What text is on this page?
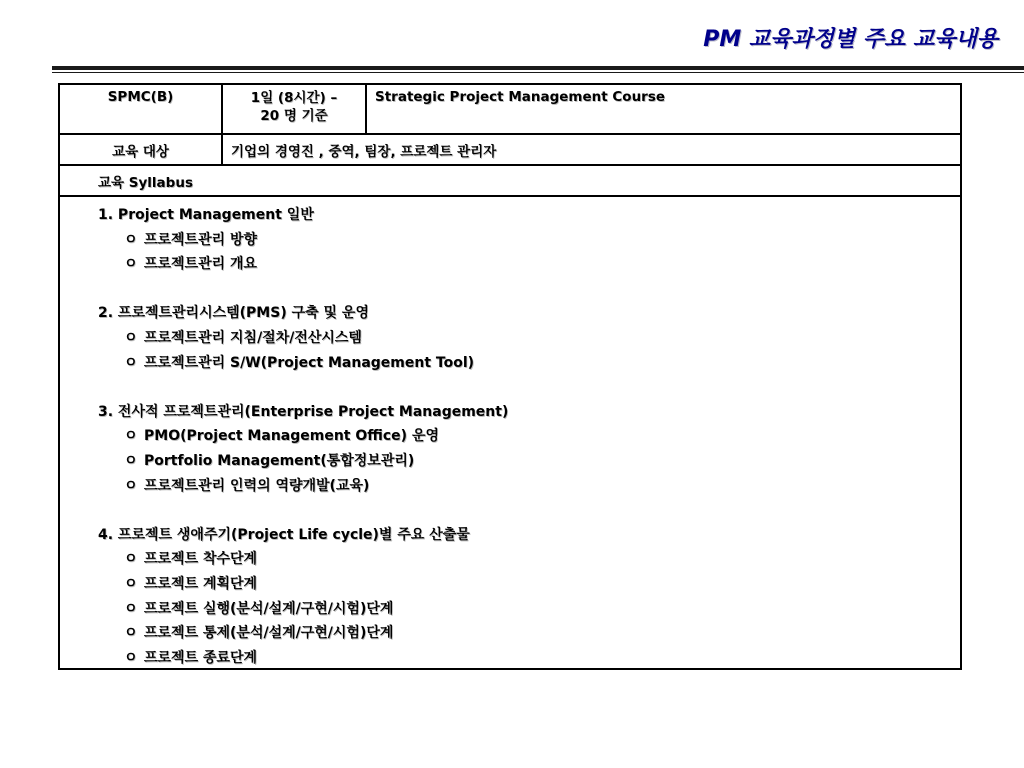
PM 교육과정별 주요 교육내용
SPMC(B)	1일 (8시간) –
20 명 기준
Strategic Project Management Course
교육 대상	기업의 경영진 , 중역, 팀장, 프로젝트 관리자
교육 Syllabus
1. Project Management 일반
ㅇ 프로젝트관리 방향
ㅇ 프로젝트관리 개요
2. 프로젝트관리시스템(PMS) 구축 및 운영
ㅇ 프로젝트관리 지침/절차/전산시스템
ㅇ 프로젝트관리 S/W(Project Management Tool)
3. 전사적 프로젝트관리(Enterprise Project Management)
ㅇ PMO(Project Management Office) 운영
ㅇ Portfolio Management(통합정보관리)
ㅇ 프로젝트관리 인력의 역량개발(교육)
4. 프로젝트 생애주기(Project Life cycle)별 주요 산출물
ㅇ 프로젝트 착수단계
ㅇ 프로젝트 계획단계
ㅇ 프로젝트 실행(분석/설계/구현/시험)단계
ㅇ 프로젝트 통제(분석/설계/구현/시험)단계
ㅇ 프로젝트 종료단계
